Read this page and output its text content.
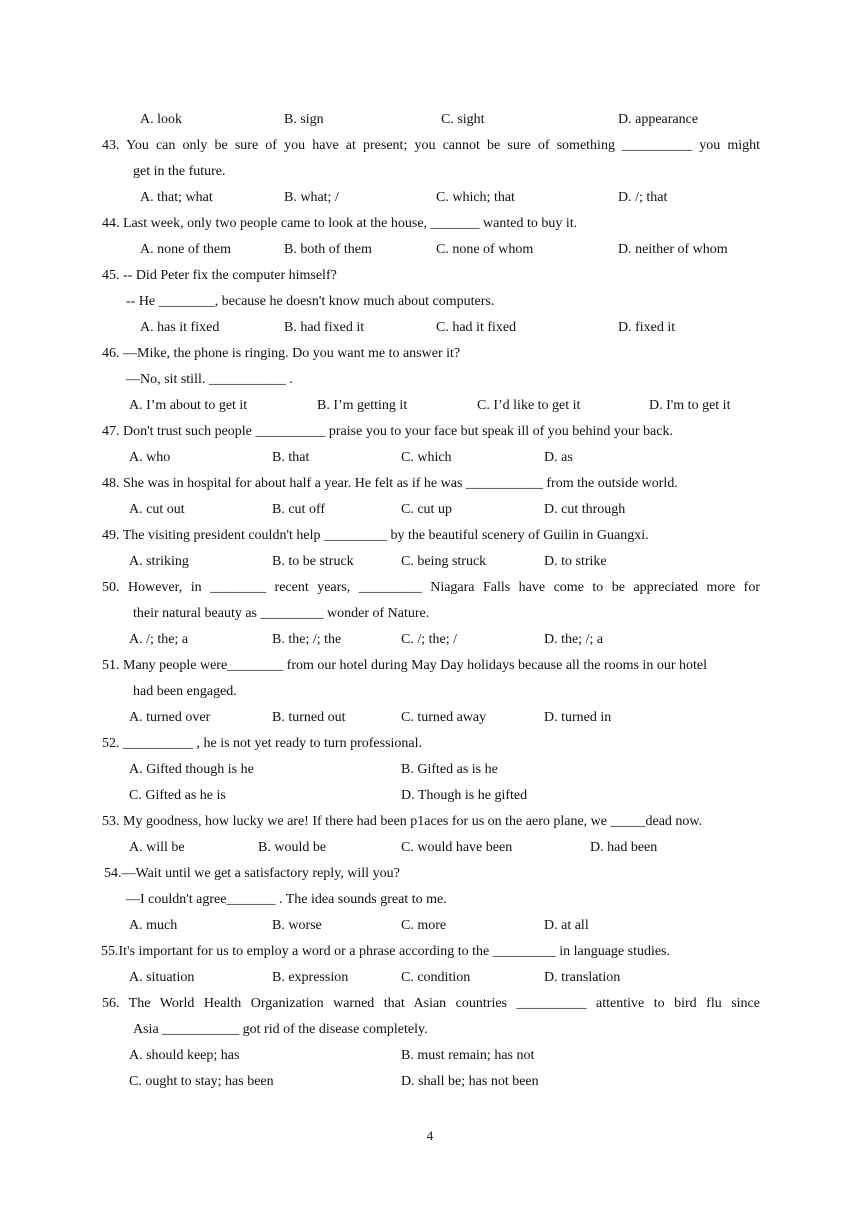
A. look	B. sign	C. sight	D. appearance
43. You can only be sure of you have at present; you cannot be sure of something __________ you might
get in the future.
A. that; what	B. what; /	C. which; that	D. /; that
44. Last week, only two people came to look at the house, _______ wanted to buy it.
A. none of them	B. both of them	C. none of whom	D. neither of whom
45. -- Did Peter fix the computer himself?
-- He ________, because he doesn't know much about computers.
A. has it fixed	B. had fixed it	C. had it fixed	D. fixed it
46. —Mike, the phone is ringing. Do you want me to answer it?
—No, sit still. ___________ .
A. I’m about to get it	B. I’m getting it	C. I’d like to get it	D. I'm to get it
47. Don't trust such people __________ praise you to your face but speak ill of you behind your back.
A. who	B. that	C. which	D. as
48. She was in hospital for about half a year. He felt as if he was ___________ from the outside world.
A. cut out	B. cut off	C. cut up	D. cut through
49. The visiting president couldn't help _________ by the beautiful scenery of Guilin in Guangxi.
A. striking	B. to be struck	C. being struck	D. to strike
50. However, in ________ recent years, _________ Niagara Falls have come to be appreciated more for
their natural beauty as _________ wonder of Nature.
A. /; the; a	B. the; /; the	C. /; the; /	D. the; /; a
51. Many people were________ from our hotel during May Day holidays because all the rooms in our hotel
had been engaged.
A. turned over	B. turned out	C. turned away	D. turned in
52. __________ , he is not yet ready to turn professional.
A. Gifted though is he	B. Gifted as is he
C. Gifted as he is	D. Though is he gifted
53. My goodness, how lucky we are! If there had been p1aces for us on the aero plane, we _____dead now.
A. will be	B. would be	C. would have been	D. had been
54.—Wait until we get a satisfactory reply, will you?
—I couldn't agree_______ . The idea sounds great to me.
A. much	B. worse	C. more	D. at all
55.It's important for us to employ a word or a phrase according to the _________ in language studies.
A. situation	B. expression	C. condition	D. translation
56. The World Health Organization warned that Asian countries __________ attentive to bird flu since
Asia ___________ got rid of the disease completely.
A. should keep; has	B. must remain; has not
C. ought to stay; has been	D. shall be; has not been
4
